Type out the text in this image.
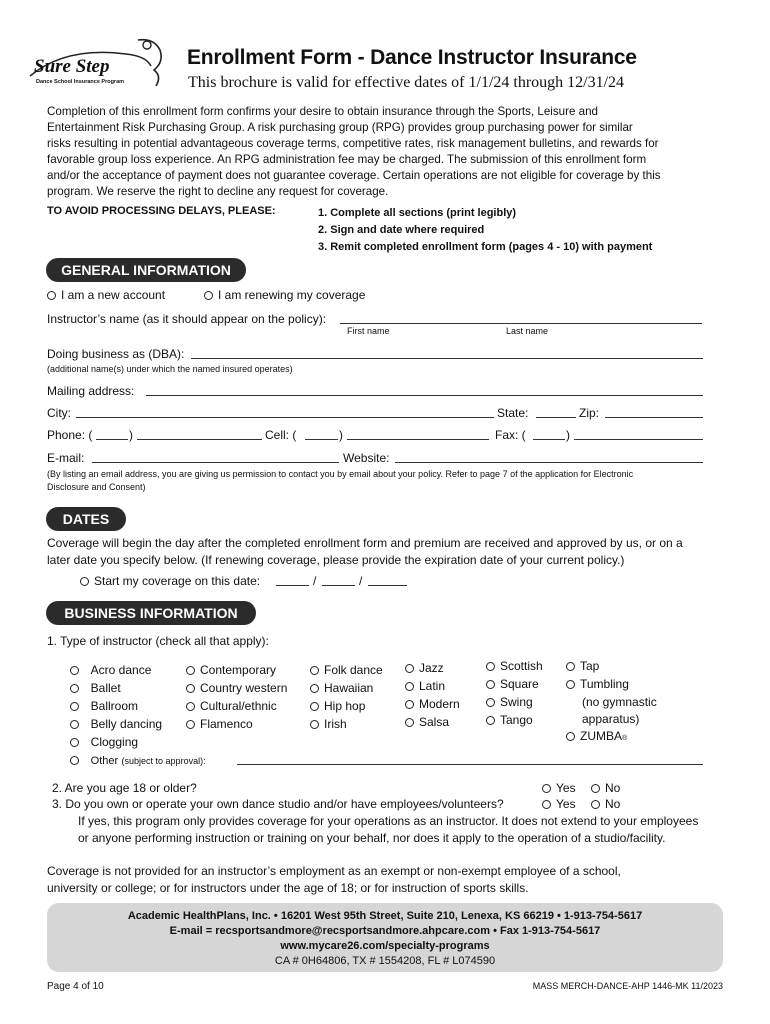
Sure Step
Dance School Insurance Program
Enrollment Form - Dance Instructor Insurance
This brochure is valid for effective dates of 1/1/24 through 12/31/24
Completion of this enrollment form confirms your desire to obtain insurance through the Sports, Leisure and
Entertainment Risk Purchasing Group. A risk purchasing group (RPG) provides group purchasing power for similar
risks resulting in potential advantageous coverage terms, competitive rates, risk management bulletins, and rewards for
favorable group loss experience. An RPG administration fee may be charged. The submission of this enrollment form
and/or the acceptance of payment does not guarantee coverage. Certain operations are not eligible for coverage by this
program. We reserve the right to decline any request for coverage.
TO AVOID PROCESSING DELAYS, PLEASE:	1. Complete all sections (print legibly)
2. Sign and date where required
3. Remit completed enrollment form (pages 4 - 10) with payment
GENERAL INFORMATION
I am a new account	I am renewing my coverage
Instructor’s name (as it should appear on the policy):
First name	Last name
Doing business as (DBA):
(additional name(s) under which the named insured operates)
Mailing address:
City:	State:	Zip:
Phone: (	)	Cell: (	)	Fax: (	)
E-mail:	Website:
(By listing an email address, you are giving us permission to contact you by email about your policy. Refer to page 7 of the application for Electronic
Disclosure and Consent)
DATES
Coverage will begin the day after the completed enrollment form and premium are received and approved by us, or on a
later date you specify below. (If renewing coverage, please provide the expiration date of your current policy.)
Start my coverage on this date:	/	/
BUSINESS INFORMATION
1. Type of instructor (check all that apply):
Acro dance
Ballet
Ballroom
Belly dancing
Clogging
Contemporary
Country western
Cultural/ethnic
Flamenco
Folk dance
Hawaiian
Hip hop
Irish
Jazz
Latin
Modern
Salsa
Scottish
Square
Swing
Tango
Tap
Tumbling
(no gymnastic
apparatus)
ZUMBA®
Other (subject to approval):
2. Are you age 18 or older?	Yes	No
3. Do you own or operate your own dance studio and/or have employees/volunteers?	Yes	No
If yes, this program only provides coverage for your operations as an instructor. It does not extend to your employees
or anyone performing instruction or training on your behalf, nor does it apply to the operation of a studio/facility.
Coverage is not provided for an instructor’s employment as an exempt or non-exempt employee of a school,
university or college; or for instructors under the age of 18; or for instruction of sports skills.
Academic HealthPlans, Inc. • 16201 West 95th Street, Suite 210, Lenexa, KS 66219 • 1-913-754-5617
E-mail = recsportsandmore@recsportsandmore.ahpcare.com • Fax 1-913-754-5617
www.mycare26.com/specialty-programs
CA # 0H64806, TX # 1554208, FL # L074590
Page 4 of 10	MASS MERCH-DANCE-AHP 1446-MK 11/2023
